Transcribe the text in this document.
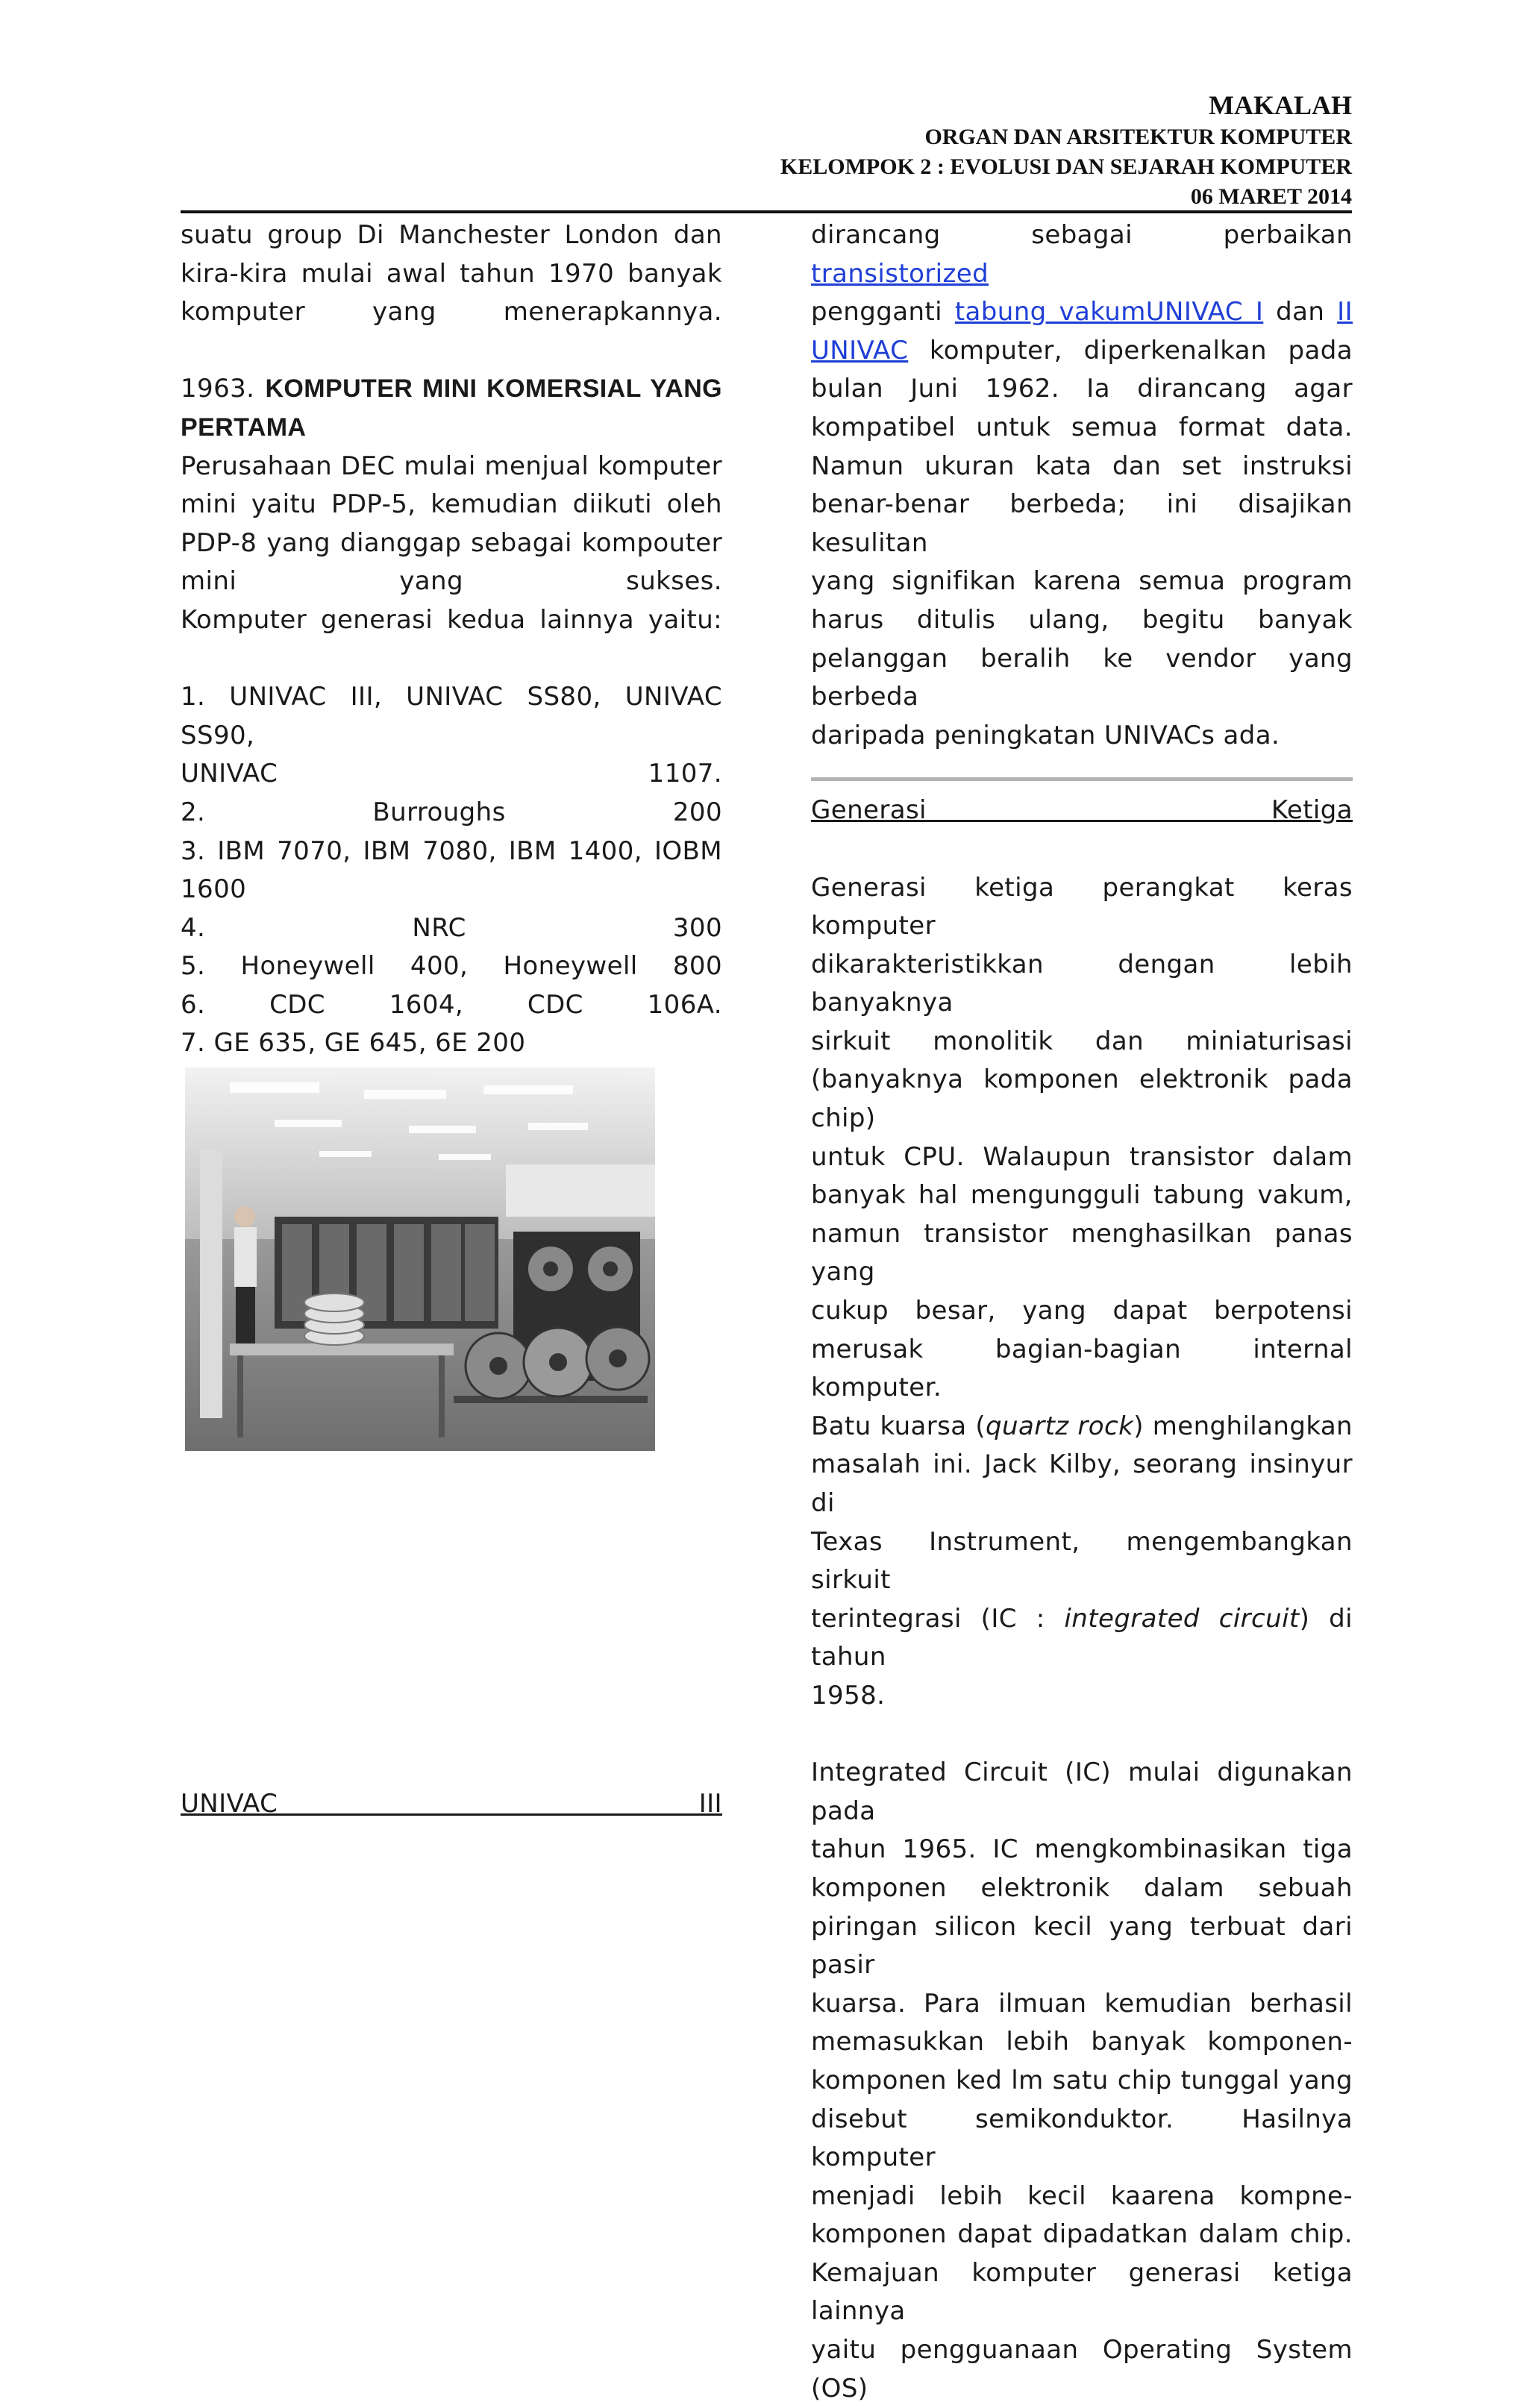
MAKALAH
ORGAN DAN ARSITEKTUR KOMPUTER
KELOMPOK 2 : EVOLUSI DAN SEJARAH KOMPUTER
06 MARET 2014

suatu group Di Manchester London dan

kira-kira mulai awal tahun 1970 banyak

komputer yang menerapkannya.

1963. KOMPUTER MINI KOMERSIAL YANG

PERTAMA

Perusahaan DEC mulai menjual komputer

mini yaitu PDP-5, kemudian diikuti oleh

PDP-8 yang dianggap sebagai kompouter

mini yang sukses.

Komputer generasi kedua lainnya yaitu:

1. UNIVAC III, UNIVAC SS80, UNIVAC SS90,

UNIVAC 1107.

2. Burroughs 200

3. IBM 7070, IBM 7080, IBM 1400, IOBM

1600

4. NRC 300

5. Honeywell 400, Honeywell 800

6. CDC 1604, CDC 106A.

7. GE 635, GE 645, 6E 200

UNIVAC III

dirancang sebagai perbaikan transistorized

pengganti tabung vakumUNIVAC I dan II

UNIVAC komputer, diperkenalkan pada

bulan Juni 1962. Ia dirancang agar

kompatibel untuk semua format data.

Namun ukuran kata dan set instruksi

benar-benar berbeda; ini disajikan kesulitan

yang signifikan karena semua program

harus ditulis ulang, begitu banyak

pelanggan beralih ke vendor yang berbeda

daripada peningkatan UNIVACs ada.

Generasi Ketiga

Generasi ketiga perangkat keras komputer

dikarakteristikkan dengan lebih banyaknya

sirkuit monolitik dan miniaturisasi

(banyaknya komponen elektronik pada chip)

untuk CPU. Walaupun transistor dalam

banyak hal mengungguli tabung vakum,

namun transistor menghasilkan panas yang

cukup besar, yang dapat berpotensi

merusak bagian-bagian internal komputer.

Batu kuarsa (quartz rock) menghilangkan

masalah ini. Jack Kilby, seorang insinyur di

Texas Instrument, mengembangkan sirkuit

terintegrasi (IC : integrated circuit) di tahun

1958.

Integrated Circuit (IC) mulai digunakan pada

tahun 1965. IC mengkombinasikan tiga

komponen elektronik dalam sebuah

piringan silicon kecil yang terbuat dari pasir

kuarsa. Para ilmuan kemudian berhasil

memasukkan lebih banyak komponen-

komponen ked lm satu chip tunggal yang

disebut semikonduktor. Hasilnya komputer

menjadi lebih kecil kaarena kompne-

komponen dapat dipadatkan dalam chip.

Kemajuan komputer generasi ketiga lainnya

yaitu pengguanaan Operating System (OS)
